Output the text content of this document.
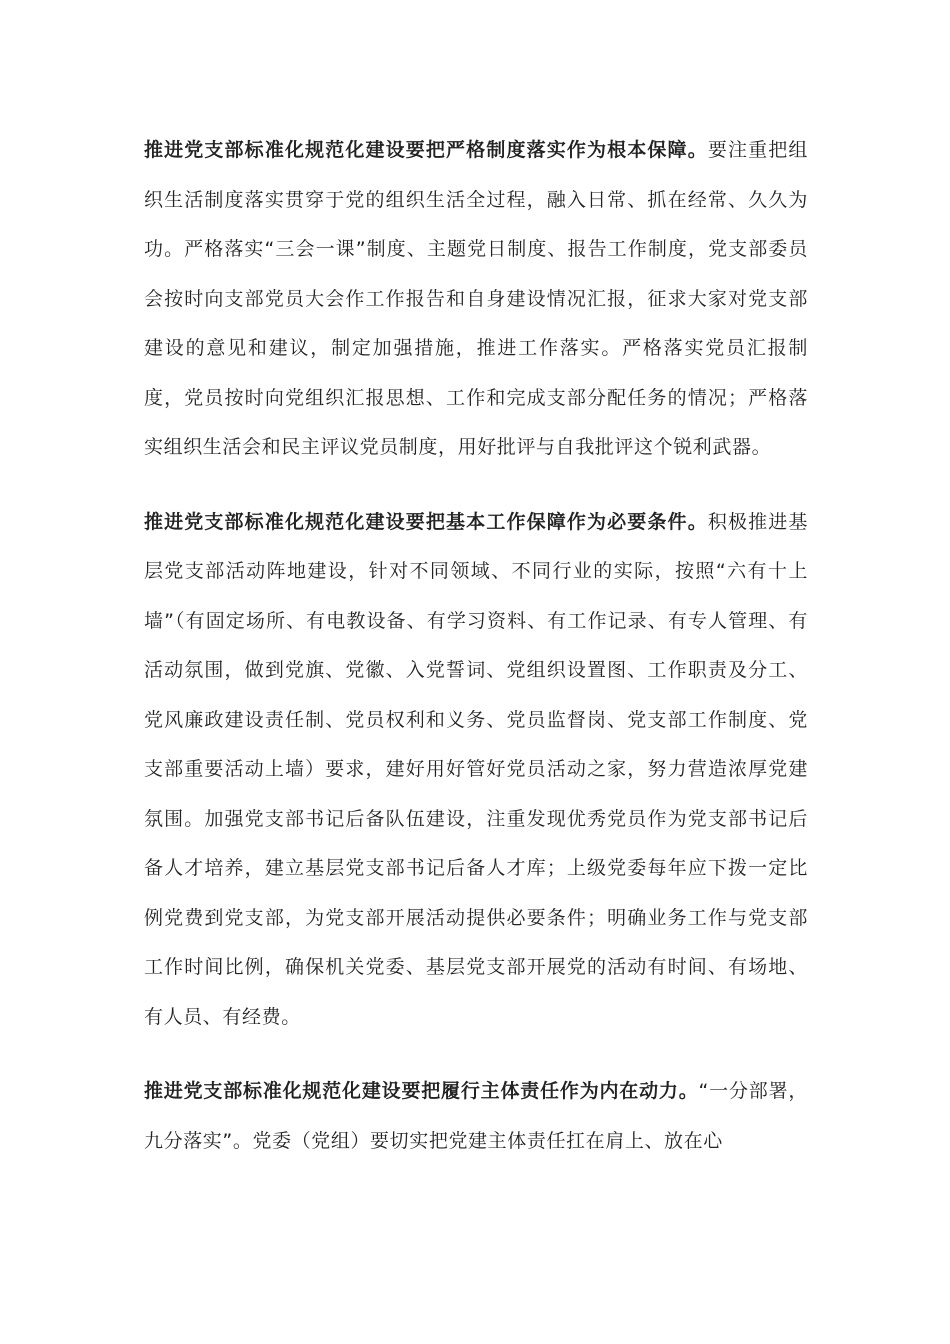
推进党支部标准化规范化建设要把严格制度落实作为根本保障。要注重把组织生活制度落实贯穿于党的组织生活全过程，融入日常、抓在经常、久久为功。严格落实“三会一课”制度、主题党日制度、报告工作制度，党支部委员会按时向支部党员大会作工作报告和自身建设情况汇报，征求大家对党支部建设的意见和建议，制定加强措施，推进工作落实。严格落实党员汇报制度，党员按时向党组织汇报思想、工作和完成支部分配任务的情况；严格落实组织生活会和民主评议党员制度，用好批评与自我批评这个锐利武器。

推进党支部标准化规范化建设要把基本工作保障作为必要条件。积极推进基层党支部活动阵地建设，针对不同领域、不同行业的实际，按照“六有十上墙”（有固定场所、有电教设备、有学习资料、有工作记录、有专人管理、有活动氛围，做到党旗、党徽、入党誓词、党组织设置图、工作职责及分工、党风廉政建设责任制、党员权利和义务、党员监督岗、党支部工作制度、党支部重要活动上墙）要求，建好用好管好党员活动之家，努力营造浓厚党建氛围。加强党支部书记后备队伍建设，注重发现优秀党员作为党支部书记后备人才培养，建立基层党支部书记后备人才库；上级党委每年应下拨一定比例党费到党支部，为党支部开展活动提供必要条件；明确业务工作与党支部工作时间比例，确保机关党委、基层党支部开展党的活动有时间、有场地、有人员、有经费。

推进党支部标准化规范化建设要把履行主体责任作为内在动力。“一分部署，九分落实”。党委（党组）要切实把党建主体责任扛在肩上、放在心
